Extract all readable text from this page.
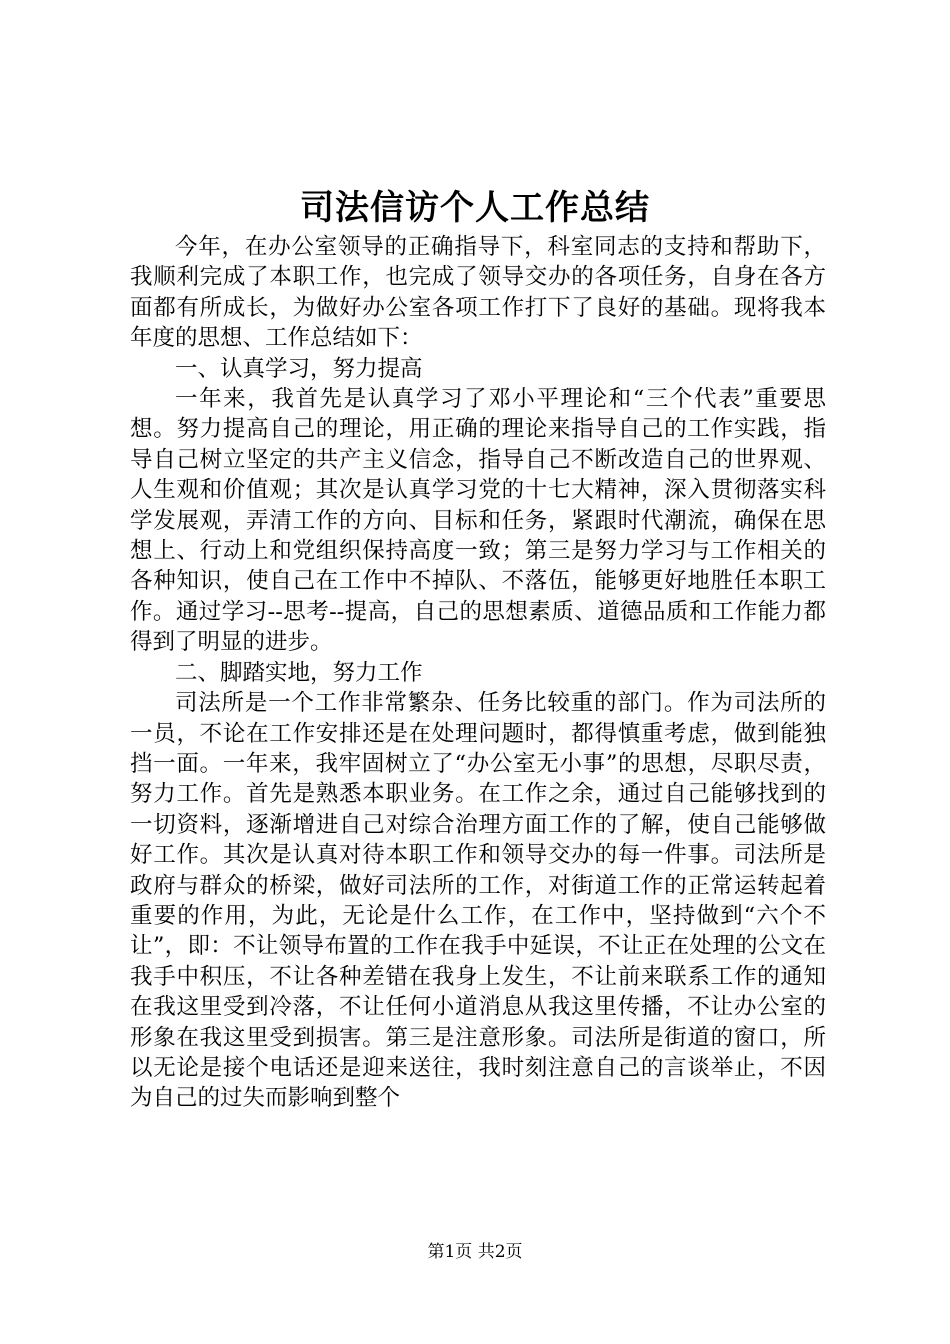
司法信访个人工作总结

今年，在办公室领导的正确指导下，科室同志的支持和帮助下，我顺利完成了本职工作，也完成了领导交办的各项任务，自身在各方面都有所成长，为做好办公室各项工作打下了良好的基础。现将我本年度的思想、工作总结如下：

一、认真学习，努力提高

一年来，我首先是认真学习了邓小平理论和“三个代表”重要思想。努力提高自己的理论，用正确的理论来指导自己的工作实践，指导自己树立坚定的共产主义信念，指导自己不断改造自己的世界观、人生观和价值观；其次是认真学习党的十七大精神，深入贯彻落实科学发展观，弄清工作的方向、目标和任务，紧跟时代潮流，确保在思想上、行动上和党组织保持高度一致；第三是努力学习与工作相关的各种知识，使自己在工作中不掉队、不落伍，能够更好地胜任本职工作。通过学习--思考--提高，自己的思想素质、道德品质和工作能力都得到了明显的进步。

二、脚踏实地，努力工作

司法所是一个工作非常繁杂、任务比较重的部门。作为司法所的一员，不论在工作安排还是在处理问题时，都得慎重考虑，做到能独挡一面。一年来，我牢固树立了“办公室无小事”的思想，尽职尽责，努力工作。首先是熟悉本职业务。在工作之余，通过自己能够找到的一切资料，逐渐增进自己对综合治理方面工作的了解，使自己能够做好工作。其次是认真对待本职工作和领导交办的每一件事。司法所是政府与群众的桥梁，做好司法所的工作，对街道工作的正常运转起着重要的作用，为此，无论是什么工作，在工作中，坚持做到“六个不让”，即：不让领导布置的工作在我手中延误，不让正在处理的公文在我手中积压，不让各种差错在我身上发生，不让前来联系工作的通知在我这里受到冷落，不让任何小道消息从我这里传播，不让办公室的形象在我这里受到损害。第三是注意形象。司法所是街道的窗口，所以无论是接个电话还是迎来送往，我时刻注意自己的言谈举止，不因为自己的过失而影响到整个

第1页 共2页
